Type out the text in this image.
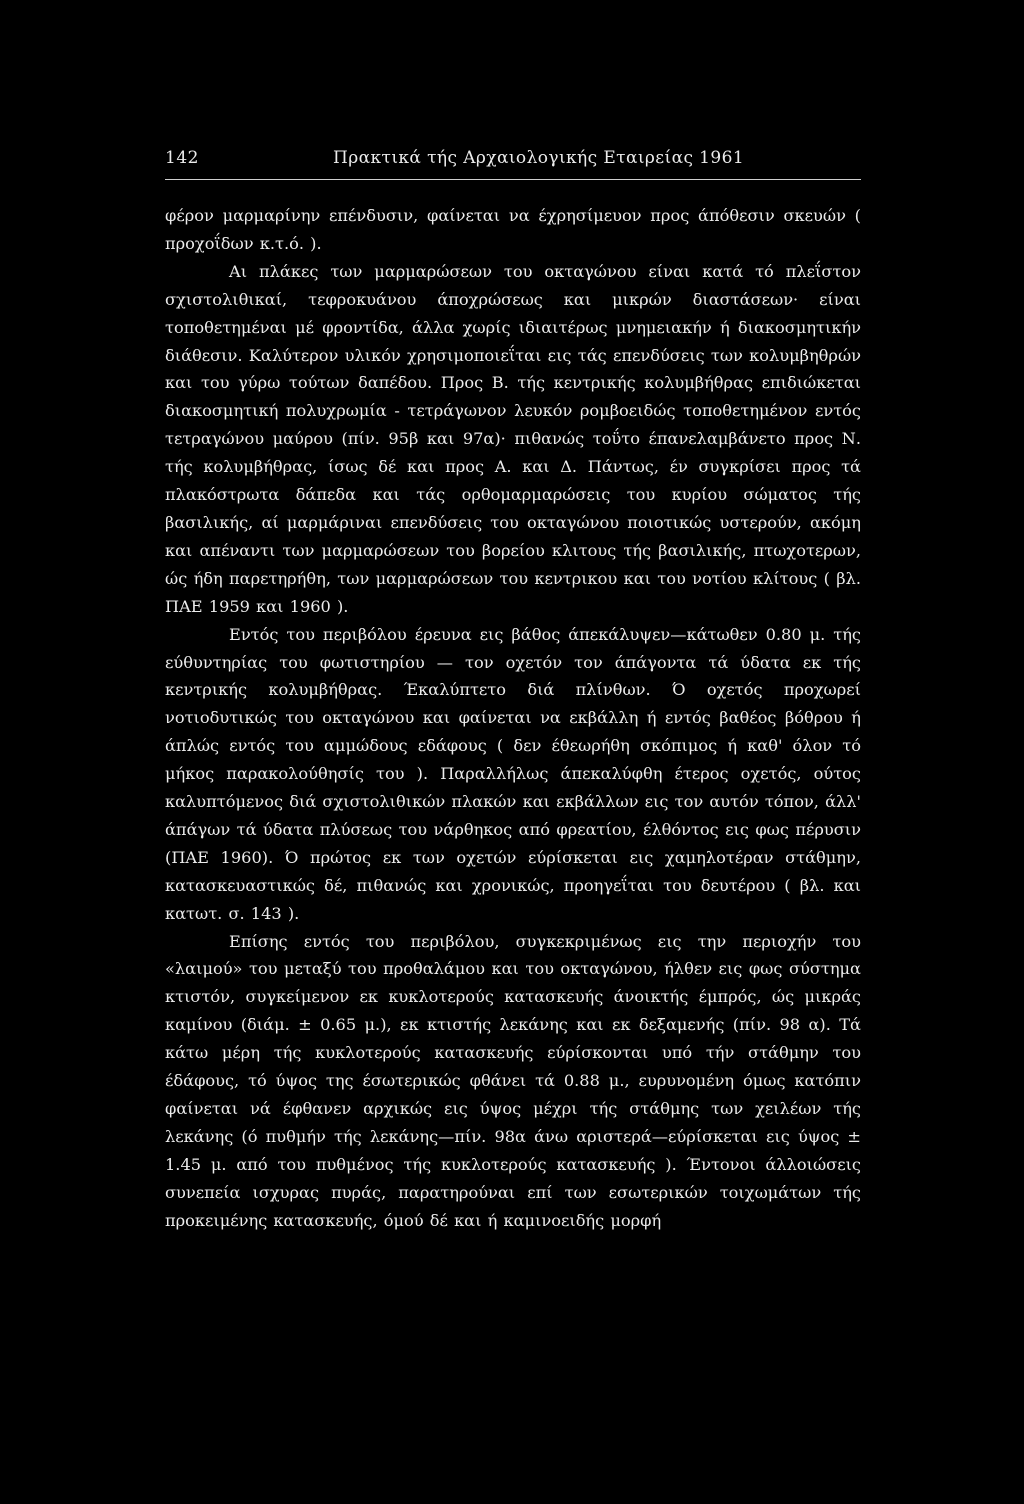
142	Πρακτικά τής Αρχαιολογικής Εταιρείας 1961

φέρον μαρμαρίνην επένδυσιν, φαίνεται να έχρησίμευον προς άπόθεσιν σκευών ( προχοΐδων κ.τ.ό. ).

Αι πλάκες των μαρμαρώσεων του οκταγώνου είναι κατά τό πλεΐστον σχιστολιθικαί, τεφροκυάνου άποχρώσεως και μικρών διαστάσεων· είναι τοποθετημέναι μέ φροντίδα, άλλα χωρίς ιδιαιτέρως μνημειακήν ή διακοσμητικήν διάθεσιν. Καλύτερον υλικόν χρησιμοποιεΐται εις τάς επενδύσεις των κολυμβηθρών και του γύρω τούτων δαπέδου. Προς Β. τής κεντρικής κολυμβήθρας επιδιώκεται διακοσμητική πολυχρωμία - τετράγωνον λευκόν ρομβοειδώς τοποθετημένον εντός τετραγώνου μαύρου (πίν. 95β και 97α)· πιθανώς τοΰτο έπανελαμβάνετο προς Ν. τής κολυμβήθρας, ίσως δέ και προς Α. και Δ. Πάντως, έν συγκρίσει προς τά πλακόστρωτα δάπεδα και τάς ορθομαρμαρώσεις του κυρίου σώματος τής βασιλικής, αί μαρμάριναι επενδύσεις του οκταγώνου ποιοτικώς υστερούν, ακόμη και απέναντι των μαρμαρώσεων του βορείου κλιτους τής βασιλικής, πτωχοτερων, ώς ήδη παρετηρήθη, των μαρμαρώσεων του κεντρικου και του νοτίου κλίτους ( βλ. ΠΑΕ 1959 και 1960 ).

Εντός του περιβόλου έρευνα εις βάθος άπεκάλυψεν—κάτωθεν 0.80 μ. τής εύθυντηρίας του φωτιστηρίου — τον οχετόν τον άπάγοντα τά ύδατα εκ τής κεντρικής κολυμβήθρας. Έκαλύπτετο διά πλίνθων. Ό οχετός προχωρεί νοτιοδυτικώς του οκταγώνου και φαίνεται να εκβάλλη ή εντός βαθέος βόθρου ή άπλώς εντός του αμμώδους εδάφους ( δεν έθεωρήθη σκόπιμος ή καθ' όλον τό μήκος παρακολούθησίς του ). Παραλλήλως άπεκαλύφθη έτερος οχετός, ούτος καλυπτόμενος διά σχιστολιθικών πλακών και εκβάλλων εις τον αυτόν τόπον, άλλ' άπάγων τά ύδατα πλύσεως του νάρθηκος από φρεατίου, έλθόντος εις φως πέρυσιν (ΠΑΕ 1960). Ό πρώτος εκ των οχετών εύρίσκεται εις χαμηλοτέραν στάθμην, κατασκευαστικώς δέ, πιθανώς και χρονικώς, προηγεΐται του δευτέρου ( βλ. και κατωτ. σ. 143 ).

Επίσης εντός του περιβόλου, συγκεκριμένως εις την περιοχήν του «λαιμού» του μεταξύ του προθαλάμου και του οκταγώνου, ήλθεν εις φως σύστημα κτιστόν, συγκείμενον εκ κυκλοτερούς κατασκευής άνοικτής έμπρός, ώς μικράς καμίνου (διάμ. ± 0.65 μ.), εκ κτιστής λεκάνης και εκ δεξαμενής (πίν. 98 α). Τά κάτω μέρη τής κυκλοτερούς κατασκευής εύρίσκονται υπό τήν στάθμην του έδάφους, τό ύψος της έσωτερικώς φθάνει τά 0.88 μ., ευρυνομένη όμως κατόπιν φαίνεται νά έφθανεν αρχικώς εις ύψος μέχρι τής στάθμης των χειλέων τής λεκάνης (ό πυθμήν τής λεκάνης—πίν. 98α άνω αριστερά—εύρίσκεται εις ύψος ± 1.45 μ. από του πυθμένος τής κυκλοτερούς κατασκευής ). Έντονοι άλλοιώσεις συνεπεία ισχυρας πυράς, παρατηρούναι επί των εσωτερικών τοιχωμάτων τής προκειμένης κατασκευής, όμού δέ και ή καμινοειδής μορφή
